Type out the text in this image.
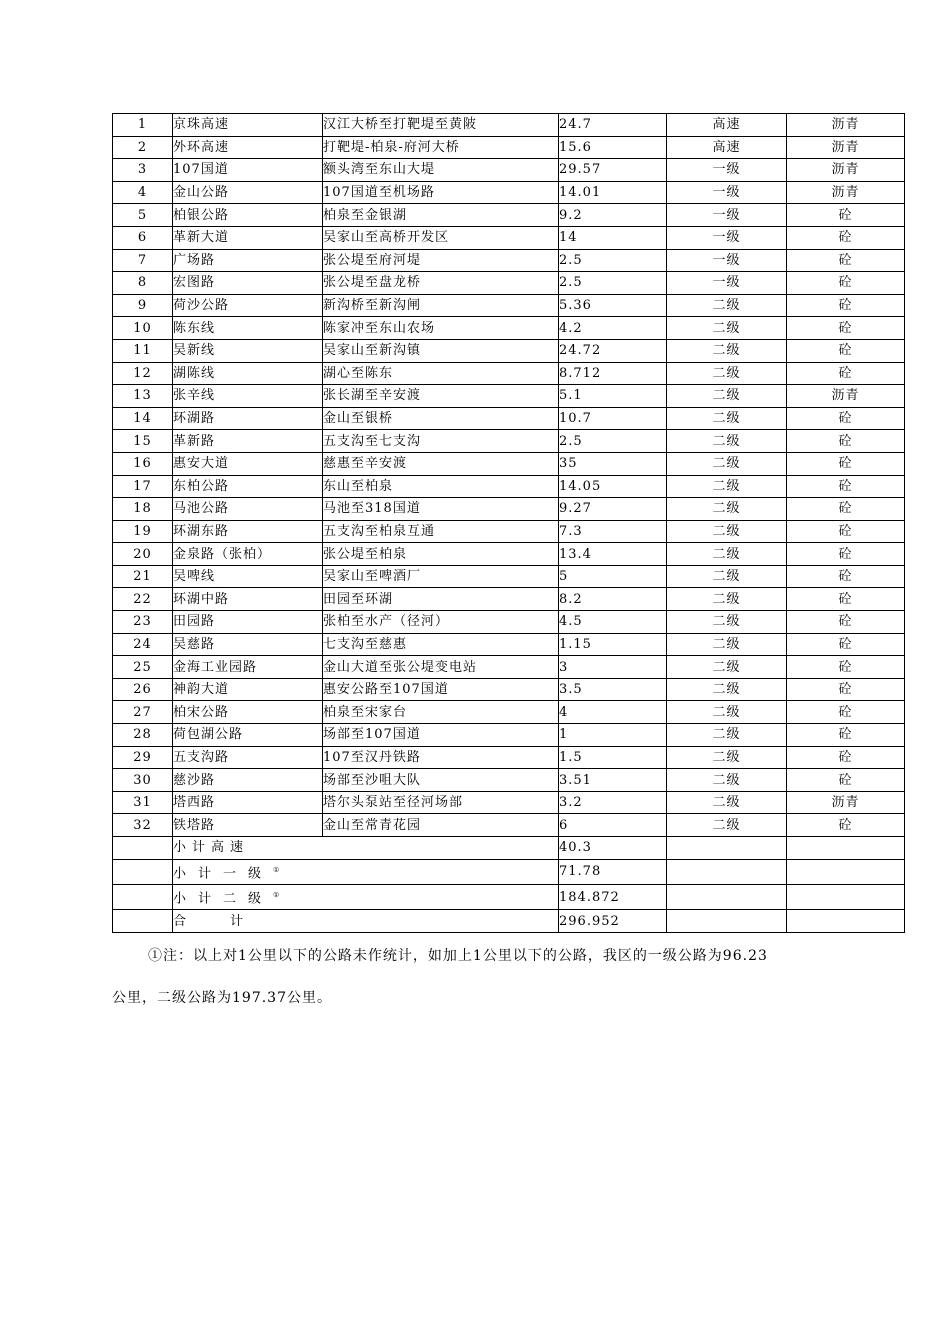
1	京珠高速	汉江大桥至打靶堤至黄陂	24.7	高速	沥青
2	外环高速	打靶堤-柏泉-府河大桥	15.6	高速	沥青
3	107国道	额头湾至东山大堤	29.57	一级	沥青
4	金山公路	107国道至机场路	14.01	一级	沥青
5	柏银公路	柏泉至金银湖	9.2	一级	砼
6	革新大道	吴家山至高桥开发区	14	一级	砼
7	广场路	张公堤至府河堤	2.5	一级	砼
8	宏图路	张公堤至盘龙桥	2.5	一级	砼
9	荷沙公路	新沟桥至新沟闸	5.36	二级	砼
10	陈东线	陈家冲至东山农场	4.2	二级	砼
11	吴新线	吴家山至新沟镇	24.72	二级	砼
12	湖陈线	湖心至陈东	8.712	二级	砼
13	张辛线	张长湖至辛安渡	5.1	二级	沥青
14	环湖路	金山至银桥	10.7	二级	砼
15	革新路	五支沟至七支沟	2.5	二级	砼
16	惠安大道	慈惠至辛安渡	35	二级	砼
17	东柏公路	东山至柏泉	14.05	二级	砼
18	马池公路	马池至318国道	9.27	二级	砼
19	环湖东路	五支沟至柏泉互通	7.3	二级	砼
20	金泉路（张柏）	张公堤至柏泉	13.4	二级	砼
21	吴啤线	吴家山至啤酒厂	5	二级	砼
22	环湖中路	田园至环湖	8.2	二级	砼
23	田园路	张柏至水产（径河）	4.5	二级	砼
24	吴慈路	七支沟至慈惠	1.15	二级	砼
25	金海工业园路	金山大道至张公堤变电站	3	二级	砼
26	神韵大道	惠安公路至107国道	3.5	二级	砼
27	柏宋公路	柏泉至宋家台	4	二级	砼
28	荷包湖公路	场部至107国道	1	二级	砼
29	五支沟路	107至汉丹铁路	1.5	二级	砼
30	慈沙路	场部至沙咀大队	3.51	二级	砼
31	塔西路	塔尔头泵站至径河场部	3.2	二级	沥青
32	铁塔路	金山至常青花园	6	二级	砼
	小计高速		40.3		
	小计一级①		71.78		
	小计二级①		184.872		
	合计		296.952		
①注：以上对1公里以下的公路未作统计，如加上1公里以下的公路，我区的一级公路为96.23
公里，二级公路为197.37公里。
